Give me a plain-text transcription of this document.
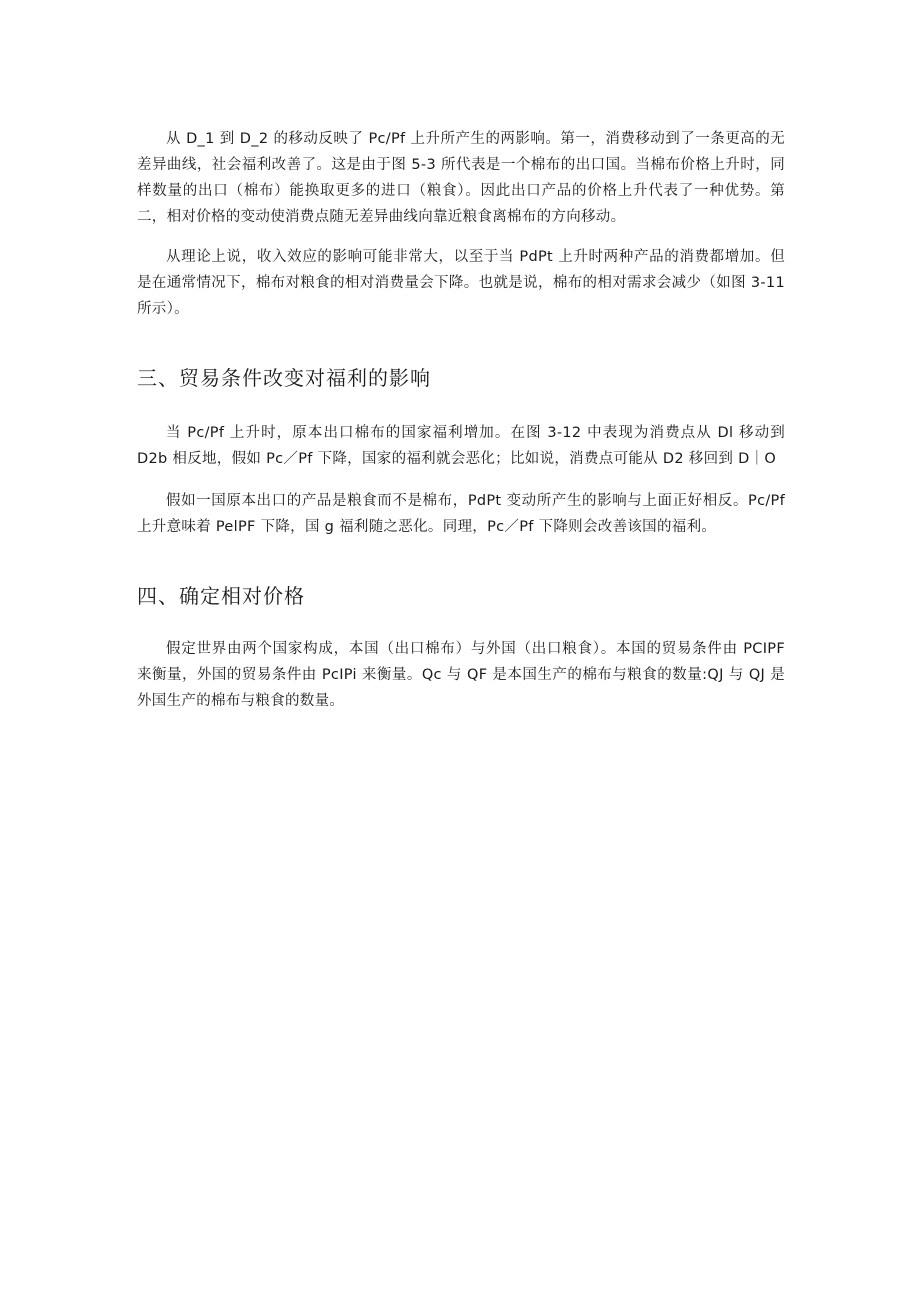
从 D_1 到 D_2 的移动反映了 Pc/Pf 上升所产生的两影响。第一，消费移动到了一条更高的无差异曲线，社会福利改善了。这是由于图 5-3 所代表是一个棉布的出口国。当棉布价格上升时，同样数量的出口（棉布）能换取更多的进口（粮食）。因此出口产品的价格上升代表了一种优势。第二，相对价格的变动使消费点随无差异曲线向靠近粮食离棉布的方向移动。

从理论上说，收入效应的影响可能非常大，以至于当 PdPt 上升时两种产品的消费都增加。但是在通常情况下，棉布对粮食的相对消费量会下降。也就是说，棉布的相对需求会减少（如图 3-11 所示）。

三、贸易条件改变对福利的影响

当 Pc/Pf 上升时，原本出口棉布的国家福利增加。在图 3-12 中表现为消费点从 Dl 移动到 D2b 相反地，假如 Pc／Pf 下降，国家的福利就会恶化；比如说，消费点可能从 D2 移回到 D｜O

假如一国原本出口的产品是粮食而不是棉布，PdPt 变动所产生的影响与上面正好相反。Pc/Pf 上升意味着 PelPF 下降，国 g 福利随之恶化。同理，Pc／Pf 下降则会改善该国的福利。

四、确定相对价格

假定世界由两个国家构成，本国（出口棉布）与外国（出口粮食）。本国的贸易条件由 PCIPF 来衡量，外国的贸易条件由 PcIPi 来衡量。Qc 与 QF 是本国生产的棉布与粮食的数量:QJ 与 QJ 是外国生产的棉布与粮食的数量。
